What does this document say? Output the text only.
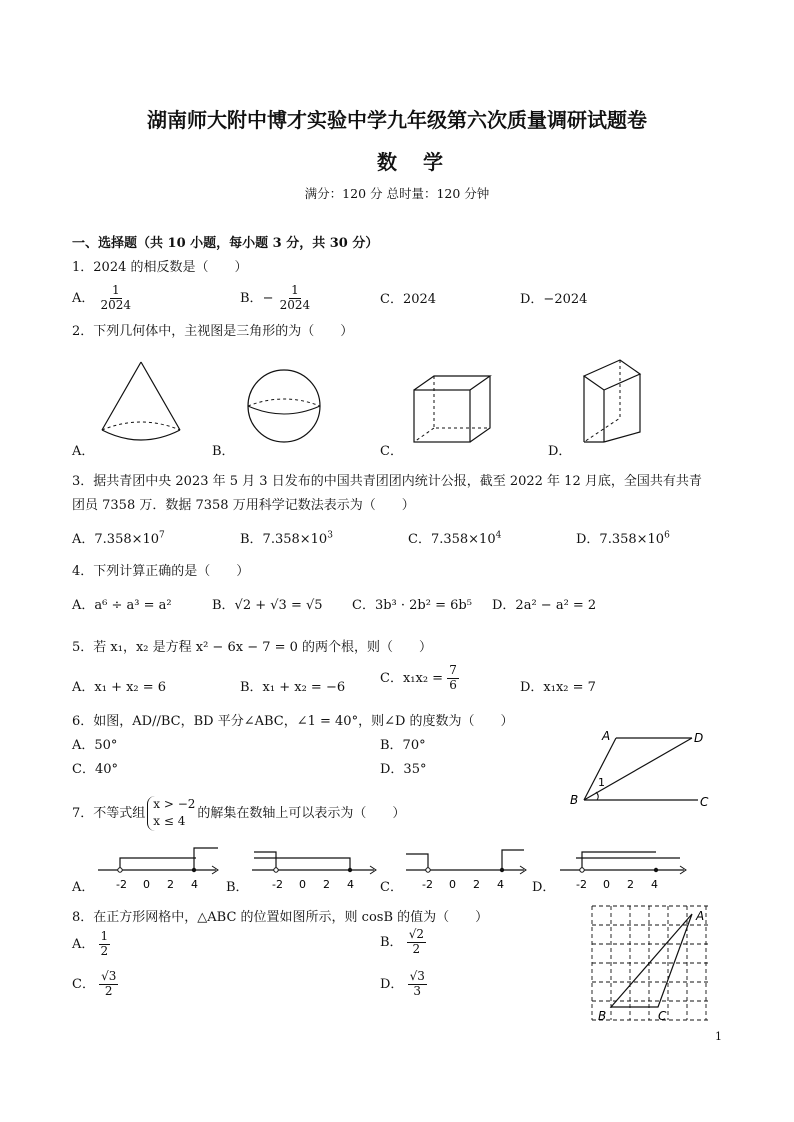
湖南师大附中博才实验中学九年级第六次质量调研试题卷
数学
满分：120 分 总时量：120 分钟
一、选择题（共 10 小题，每小题 3 分，共 30 分）
1．2024 的相反数是（　　）
A． $\frac{1}{2024}$	B．− $\frac{1}{2024}$	C．2024	D．−2024
2．下列几何体中，主视图是三角形的为（　　）
A．	B．	C．	D．
3．据共青团中央 2023 年 5 月 3 日发布的中国共青团团内统计公报，截至 2022 年 12 月底，全国共有共青
团员 7358 万．数据 7358 万用科学记数法表示为（　　）
A．$7.358\times 10^7$	B．$7.358\times 10^3$	C．$7.358\times 10^4$	D．$7.358\times 10^6$
4．下列计算正确的是（　　）
A．a⁶ ÷ a³ = a²	B．√2 + √3 = √5 C．3b³ · 2b² = 6b⁵ D．2a² − a² = 2
5．若 x₁，x₂ 是方程 x² − 6x − 7 = 0 的两个根，则（　　）
A．x₁ + x₂ = 6	B．x₁ + x₂ = −6
C．$x_1x_2 = \frac{7}{6}$	D．x₁x₂ = 7
6．如图，AD//BC，BD 平分∠ABC，∠1 = 40°，则∠D 的度数为（　　）
A．50°	B．70°
C．40°	D．35°
A	D
B	C
1
7．不等式组
x > −2
x ≤ 4
的解集在数轴上可以表示为（　　）
A．	B．	C．	D．
-2 0 2 4	-2 0 2 4	-2 0 2 4	-2 0 2 4
8．在正方形网格中，△ABC 的位置如图所示，则 cosB 的值为（　　）
A． $\frac{1}{2}$	B． $\frac{√2}{2}$
C． $\frac{√3}{2}$	D． $\frac{√3}{3}$
A
B	C
1
